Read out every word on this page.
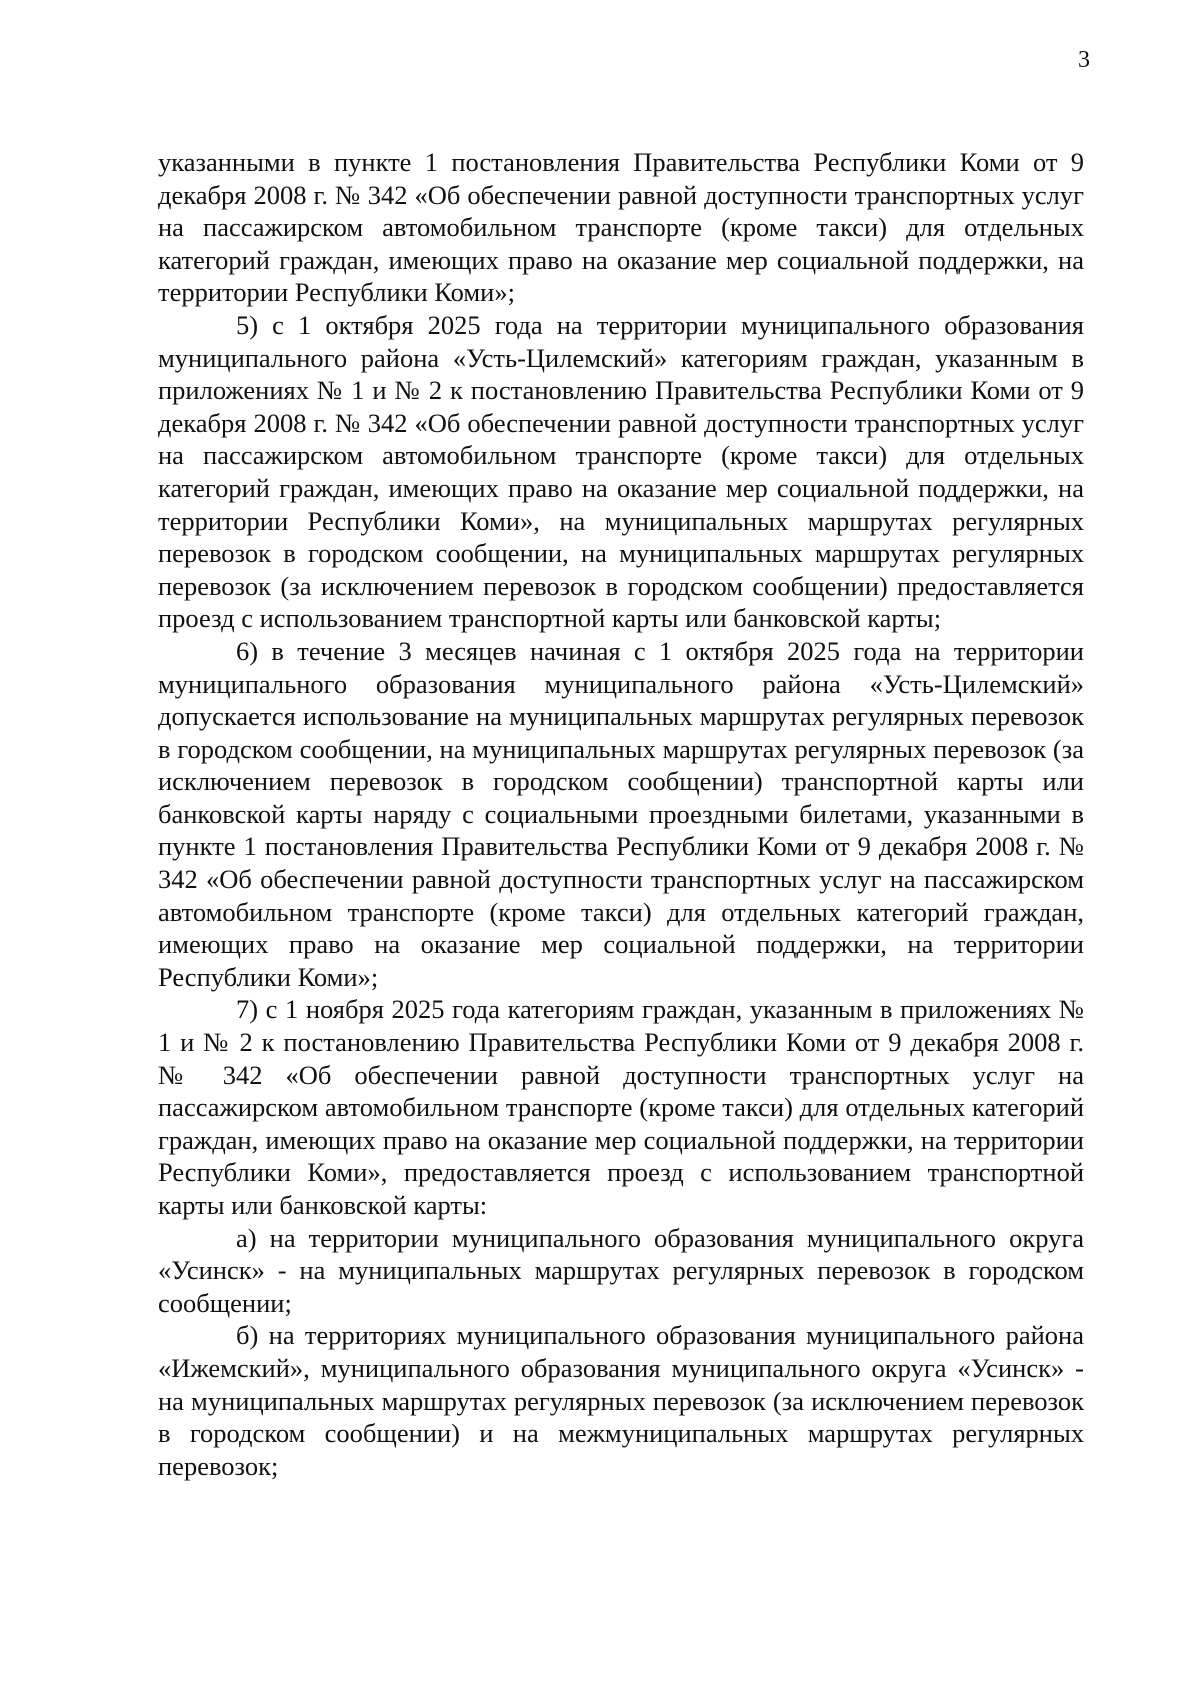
3

указанными в пункте 1 постановления Правительства Республики Коми от 9 декабря 2008 г. № 342 «Об обеспечении равной доступности транспортных услуг на пассажирском автомобильном транспорте (кроме такси) для отдельных категорий граждан, имеющих право на оказание мер социальной поддержки, на территории Республики Коми»;

5) с 1 октября 2025 года на территории муниципального образования муниципального района «Усть-Цилемский» категориям граждан, указанным в приложениях № 1 и № 2 к постановлению Правительства Республики Коми от 9 декабря 2008 г. № 342 «Об обеспечении равной доступности транспортных услуг на пассажирском автомобильном транспорте (кроме такси) для отдельных категорий граждан, имеющих право на оказание мер социальной поддержки, на территории Республики Коми», на муниципальных маршрутах регулярных перевозок в городском сообщении, на муниципальных маршрутах регулярных перевозок (за исключением перевозок в городском сообщении) предоставляется проезд с использованием транспортной карты или банковской карты;

6) в течение 3 месяцев начиная с 1 октября 2025 года на территории муниципального образования муниципального района «Усть-Цилемский» допускается использование на муниципальных маршрутах регулярных перевозок в городском сообщении, на муниципальных маршрутах регулярных перевозок (за исключением перевозок в городском сообщении) транспортной карты или банковской карты наряду с социальными проездными билетами, указанными в пункте 1 постановления Правительства Республики Коми от 9 декабря 2008 г. № 342 «Об обеспечении равной доступности транспортных услуг на пассажирском автомобильном транспорте (кроме такси) для отдельных категорий граждан, имеющих право на оказание мер социальной поддержки, на территории Республики Коми»;

7) с 1 ноября 2025 года категориям граждан, указанным в приложениях № 1 и № 2 к постановлению Правительства Республики Коми от 9 декабря 2008 г. № 342 «Об обеспечении равной доступности транспортных услуг на пассажирском автомобильном транспорте (кроме такси) для отдельных категорий граждан, имеющих право на оказание мер социальной поддержки, на территории Республики Коми», предоставляется проезд с использованием транспортной карты или банковской карты:

а) на территории муниципального образования муниципального округа «Усинск» - на муниципальных маршрутах регулярных перевозок в городском сообщении;

б) на территориях муниципального образования муниципального района «Ижемский», муниципального образования муниципального округа «Усинск» - на муниципальных маршрутах регулярных перевозок (за исключением перевозок в городском сообщении) и на межмуниципальных маршрутах регулярных перевозок;
